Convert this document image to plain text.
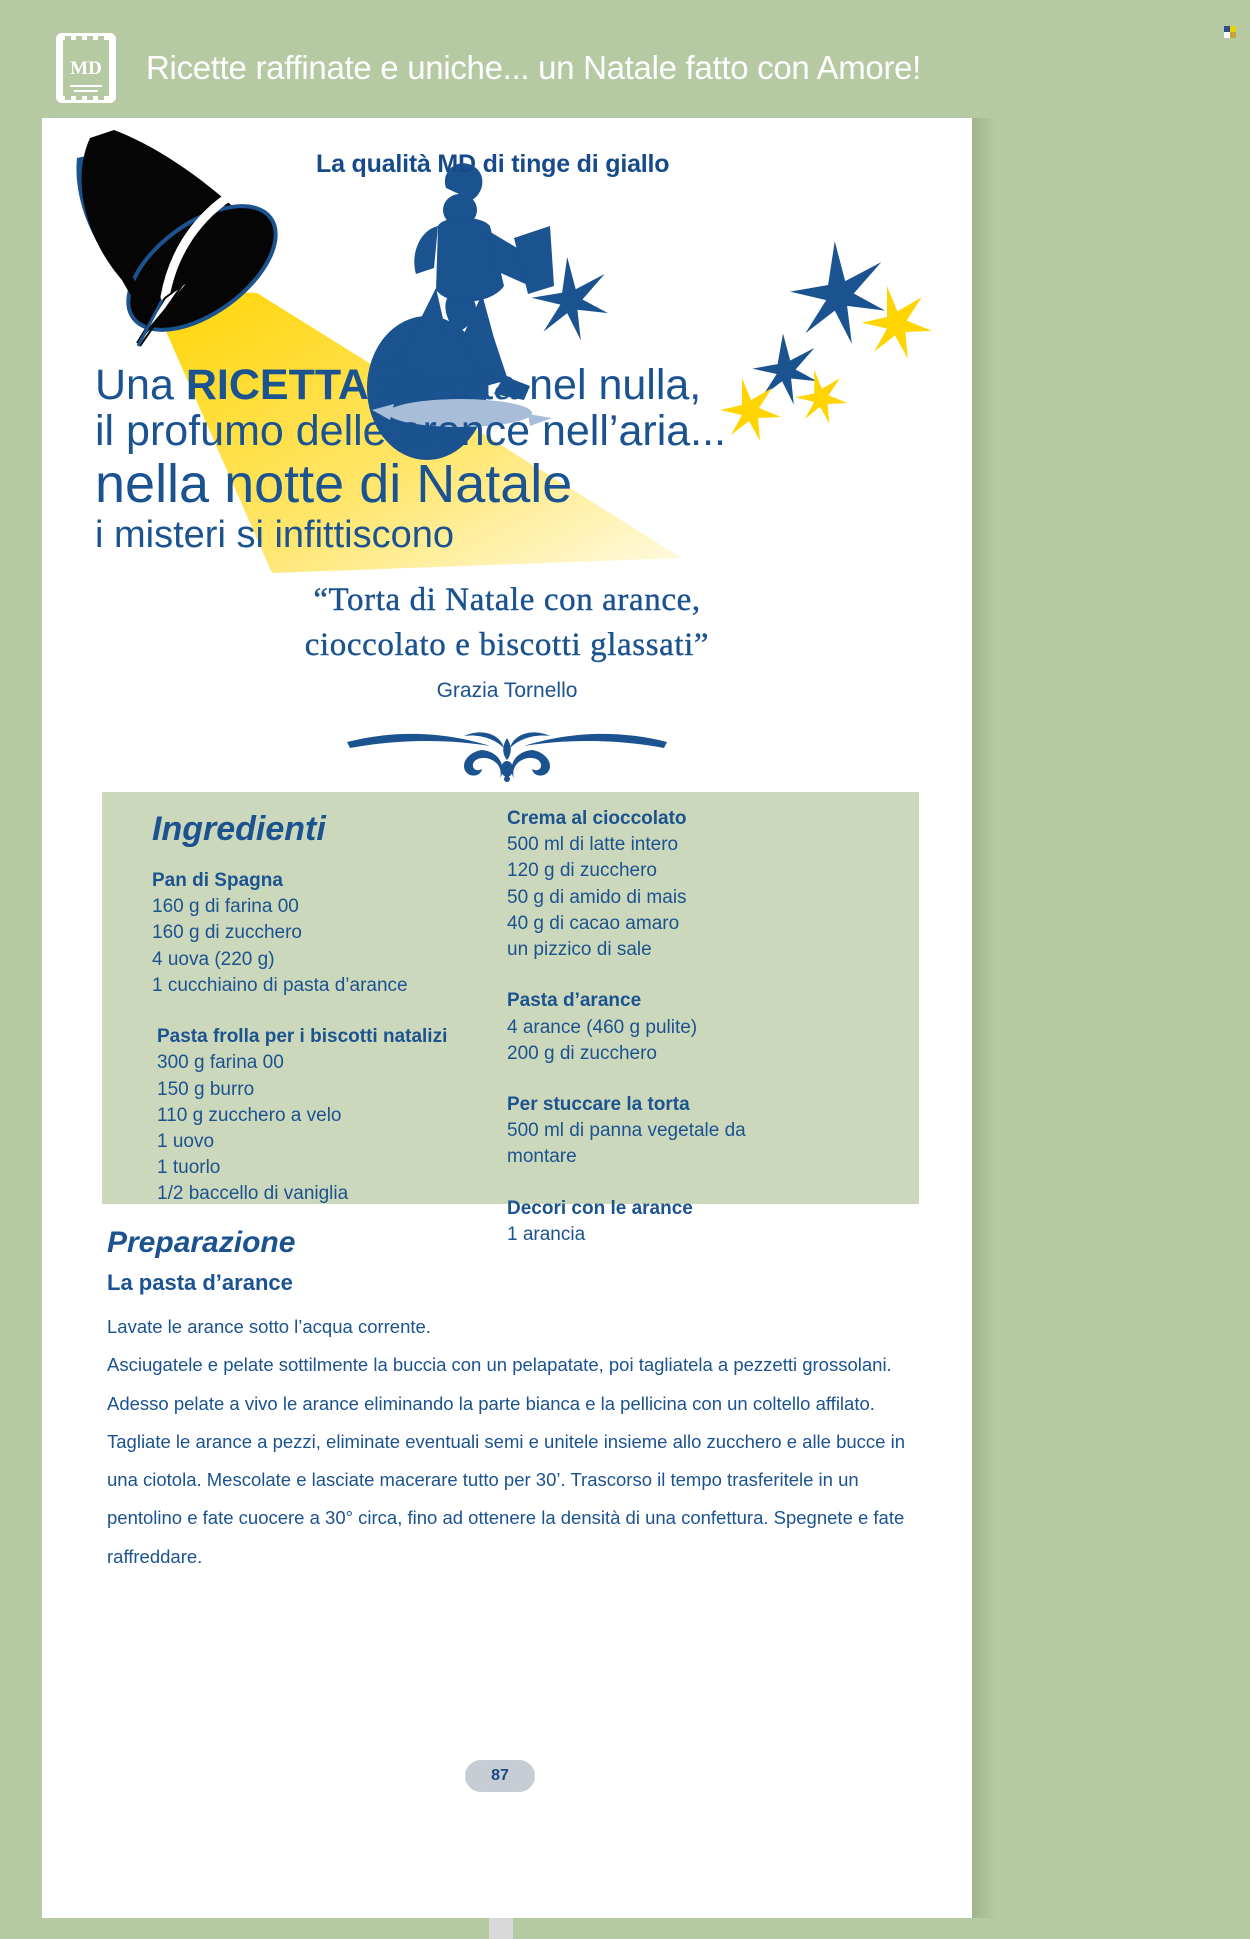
MD Ricette raffinate e uniche... un Natale fatto con Amore!
La qualità MD di tinge di giallo
Una RICETTA svanita nel nulla,
il profumo delle arance nell’aria...
nella notte di Natale
i misteri si infittiscono
“Torta di Natale con arance,
cioccolato e biscotti glassati”
Grazia Tornello
Ingredienti
Pan di Spagna
160 g di farina 00
160 g di zucchero
4 uova (220 g)
1 cucchiaino di pasta d’arance
Pasta frolla per i biscotti natalizi
300 g farina 00
150 g burro
110 g zucchero a velo
1 uovo
1 tuorlo
1/2 baccello di vaniglia
Crema al cioccolato
500 ml di latte intero
120 g di zucchero
50 g di amido di mais
40 g di cacao amaro
un pizzico di sale
Pasta d’arance
4 arance (460 g pulite)
200 g di zucchero
Per stuccare la torta
500 ml di panna vegetale da
montare
Decori con le arance
1 arancia
Preparazione
La pasta d’arance
Lavate le arance sotto l’acqua corrente.
Asciugatele e pelate sottilmente la buccia con un pelapatate, poi tagliatela a pezzetti grossolani. Adesso pelate a vivo le arance eliminando la parte bianca e la pellicina con un coltello affilato. Tagliate le arance a pezzi, eliminate eventuali semi e unitele insieme allo zucchero e alle bucce in una ciotola. Mescolate e lasciate macerare tutto per 30’. Trascorso il tempo trasferitele in un pentolino e fate cuocere a 30° circa, fino ad ottenere la densità di una confettura. Spegnete e fate raffreddare.
87
